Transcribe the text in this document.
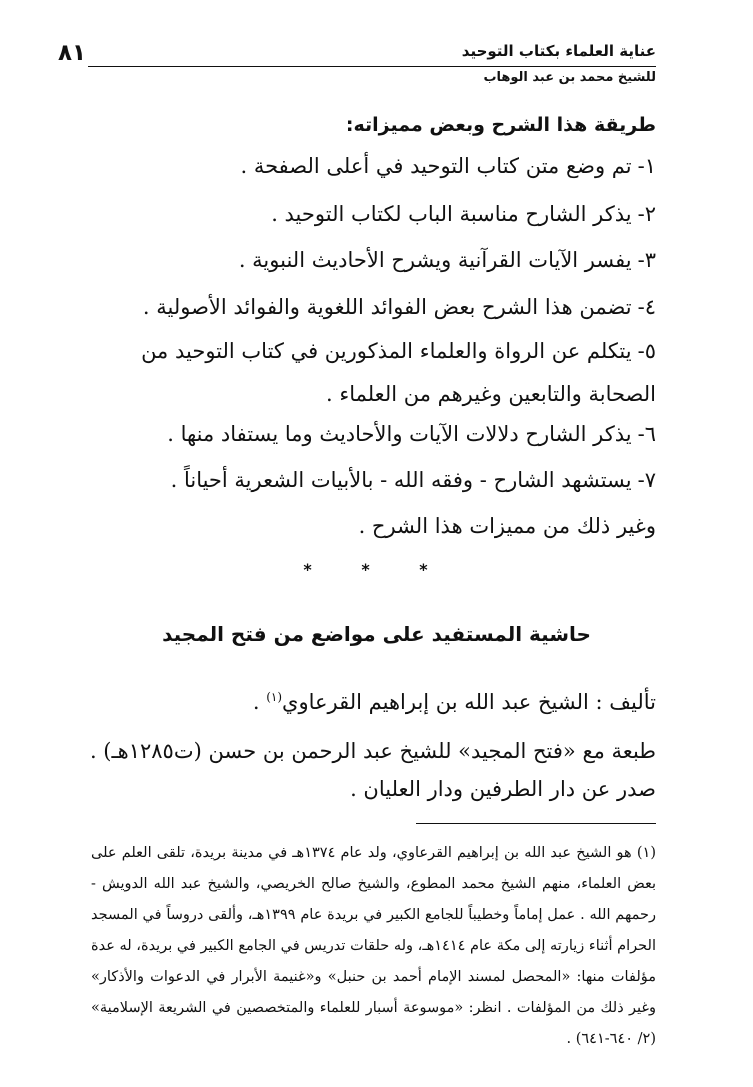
٨١	عناية العلماء بكتاب التوحيد
للشيخ محمد بن عبد الوهاب
طريقة هذا الشرح وبعض مميزاته:
١-تم وضع متن كتاب التوحيد في أعلى الصفحة .
٢-يذكر الشارح مناسبة الباب لكتاب التوحيد .
٣-يفسر الآيات القرآنية ويشرح الأحاديث النبوية .
٤-تضمن هذا الشرح بعض الفوائد اللغوية والفوائد الأصولية .
٥-يتكلم عن الرواة والعلماء المذكورين في كتاب التوحيد من الصحابة والتابعين وغيرهم من العلماء .
٦-يذكر الشارح دلالات الآيات والأحاديث وما يستفاد منها .
٧-يستشهد الشارح - وفقه الله - بالأبيات الشعرية أحياناً .
وغير ذلك من مميزات هذا الشرح .
* * *
حاشية المستفيد على مواضع من فتح المجيد
تأليف : الشيخ عبد الله بن إبراهيم القرعاوي$^{(١)}$ .
طبعة مع «فتح المجيد» للشيخ عبد الرحمن بن حسن (ت١٢٨٥هـ) .
صدر عن دار الطرفين ودار العليان .
(١) هو الشيخ عبد الله بن إبراهيم القرعاوي، ولد عام ١٣٧٤هـ في مدينة بريدة، تلقى العلم على بعض العلماء، منهم الشيخ محمد المطوع، والشيخ صالح الخريصي، والشيخ عبد الله الدويش - رحمهم الله . عمل إماماً وخطيباً للجامع الكبير في بريدة عام ١٣٩٩هـ، وألقى دروساً في المسجد الحرام أثناء زيارته إلى مكة عام ١٤١٤هـ، وله حلقات تدريس في الجامع الكبير في بريدة، له عدة مؤلفات منها: «المحصل لمسند الإمام أحمد بن حنبل» و«غنيمة الأبرار في الدعوات والأذكار» وغير ذلك من المؤلفات . انظر: «موسوعة أسبار للعلماء والمتخصصين في الشريعة الإسلامية» (٢/ ٦٤٠-٦٤١) .
